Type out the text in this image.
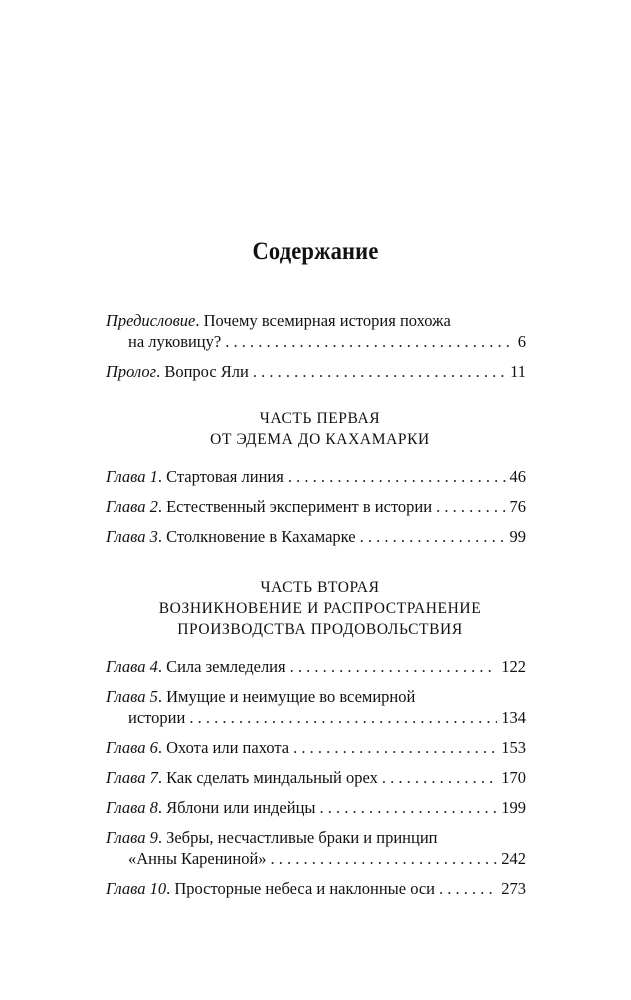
Содержание
Предисловие. Почему всемирная история похожа
на луковицу? . . .	6
Пролог. Вопрос Яли . . .	11
ЧАСТЬ ПЕРВАЯ
ОТ ЭДЕМА ДО КАХАМАРКИ
Глава 1. Стартовая линия . . .	46
Глава 2. Естественный эксперимент в истории . . .	76
Глава 3. Столкновение в Кахамарке . . .	99
ЧАСТЬ ВТОРАЯ
ВОЗНИКНОВЕНИЕ И РАСПРОСТРАНЕНИЕ
ПРОИЗВОДСТВА ПРОДОВОЛЬСТВИЯ
Глава 4. Сила земледелия . . .	122
Глава 5. Имущие и неимущие во всемирной
истории . . .	134
Глава 6. Охота или пахота . . .	153
Глава 7. Как сделать миндальный орех . . .	170
Глава 8. Яблони или индейцы . . .	199
Глава 9. Зебры, несчастливые браки и принцип
«Анны Карениной» . . .	242
Глава 10. Просторные небеса и наклонные оси . . .	273
